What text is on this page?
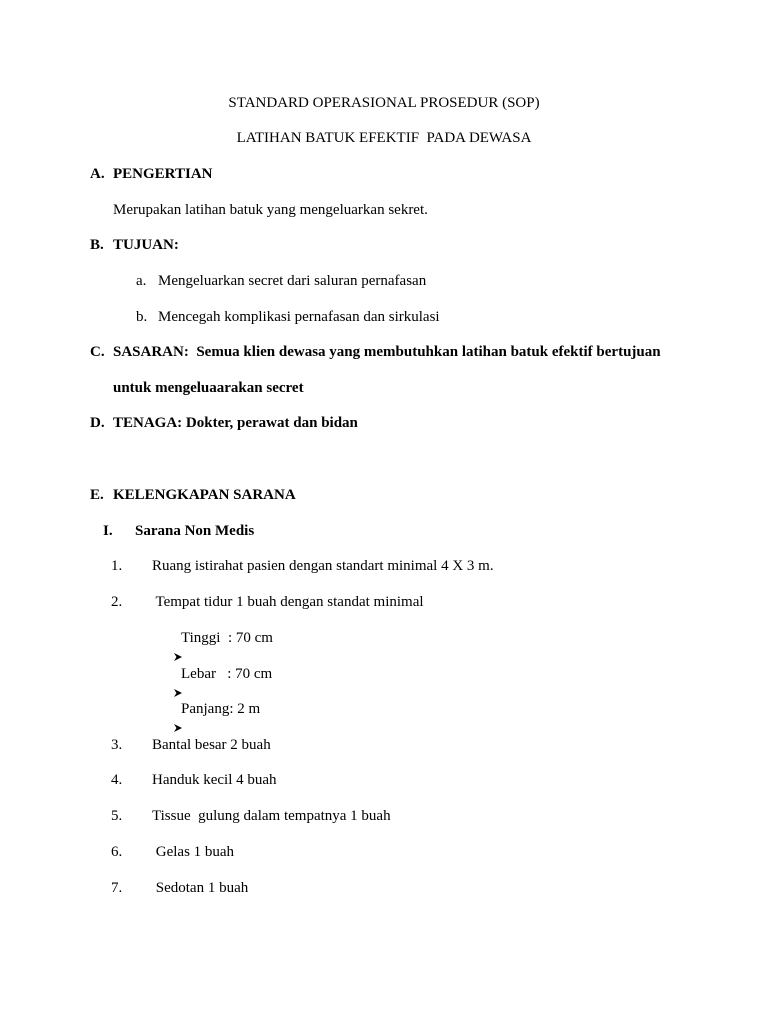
STANDARD OPERASIONAL PROSEDUR (SOP)
LATIHAN BATUK EFEKTIF  PADA DEWASA
A. PENGERTIAN
Merupakan latihan batuk yang mengeluarkan sekret.
B. TUJUAN:
a. Mengeluarkan secret dari saluran pernafasan
b. Mencegah komplikasi pernafasan dan sirkulasi
C. SASARAN:  Semua klien dewasa yang membutuhkan latihan batuk efektif bertujuan
untuk mengeluaarakan secret
D. TENAGA: Dokter, perawat dan bidan
E. KELENGKAPAN SARANA
I. Sarana Non Medis
1. Ruang istirahat pasien dengan standart minimal 4 X 3 m.
2. Tempat tidur 1 buah dengan standat minimal

Tinggi  : 70 cm

Lebar   : 70 cm

Panjang: 2 m
3. Bantal besar 2 buah
4. Handuk kecil 4 buah
5. Tissue  gulung dalam tempatnya 1 buah
6. Gelas 1 buah
7. Sedotan 1 buah
